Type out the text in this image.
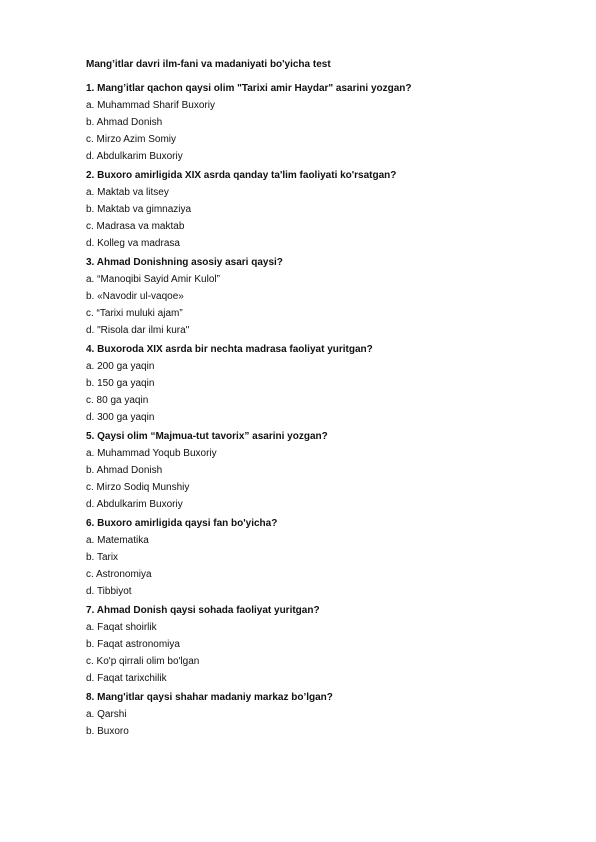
Mang’itlar davri ilm-fani va madaniyati bo'yicha test
1. Mang’itlar qachon qaysi olim "Tarixi amir Haydar" asarini yozgan?
a. Muhammad Sharif Buxoriy
b. Ahmad Donish
c. Mirzo Azim Somiy
d. Abdulkarim Buxoriy
2. Buxoro amirligida XIX asrda qanday ta'lim faoliyati ko'rsatgan?
a. Maktab va litsey
b. Maktab va gimnaziya
c. Madrasa va maktab
d. Kolleg va madrasa
3. Ahmad Donishning asosiy asari qaysi?
a. “Manoqibi Sayid Amir Kulol”
b. «Navodir ul-vaqoe»
c. “Tarixi muluki ajam”
d. "Risola dar ilmi kura"
4. Buxoroda XIX asrda bir nechta madrasa faoliyat yuritgan?
a. 200 ga yaqin
b. 150 ga yaqin
c. 80 ga yaqin
d. 300 ga yaqin
5. Qaysi olim “Majmua-tut tavorix” asarini yozgan?
a. Muhammad Yoqub Buxoriy
b. Ahmad Donish
c. Mirzo Sodiq Munshiy
d. Abdulkarim Buxoriy
6. Buxoro amirligida qaysi fan bo'yicha?
a. Matematika
b. Tarix
c. Astronomiya
d. Tibbiyot
7. Ahmad Donish qaysi sohada faoliyat yuritgan?
a. Faqat shoirlik
b. Faqat astronomiya
c. Ko'p qirrali olim bo'lgan
d. Faqat tarixchilik
8. Mang'itlar qaysi shahar madaniy markaz bo’lgan?
a. Qarshi
b. Buxoro
